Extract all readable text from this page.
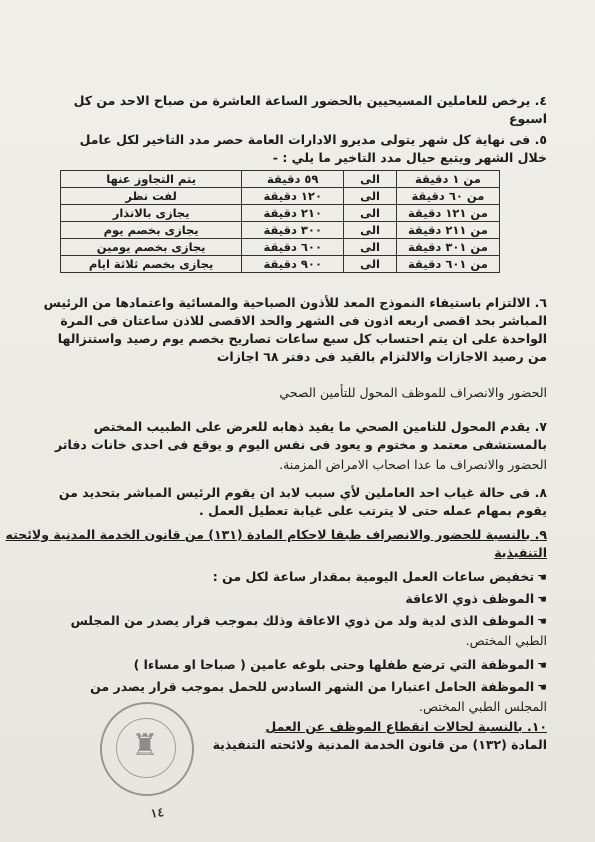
٤. يرخص للعاملين المسيحيين بالحضور الساعة العاشرة من صباح الاحد من كل
اسبوع
٥. فى نهاية كل شهر يتولى مديرو الادارات العامة حصر مدد التاخير لكل عامل
خلال الشهر ويتبع حيال مدد التاخير ما يلي : -
من ١ دقيقة	الى	٥٩ دقيقة	يتم التجاوز عنها
من ٦٠ دقيقة	الى	١٢٠ دقيقة	لفت نظر
من ١٢١ دقيقة	الى	٢١٠ دقيقة	يجازى بالانذار
من ٢١١ دقيقة	الى	٣٠٠ دقيقة	يجازى بخصم يوم
من ٣٠١ دقيقة	الى	٦٠٠ دقيقة	يجازى بخصم يومين
من ٦٠١ دقيقة	الى	٩٠٠ دقيقة	يجازى بخصم ثلاثة ايام
٦. الالتزام باستيفاء النموذج المعد للأذون الصباحية والمسائية واعتمادها من الرئيس
المباشر بحد اقصى اربعه اذون فى الشهر والحد الاقصى للاذن ساعتان فى المرة
الواحدة على ان يتم احتساب كل سبع ساعات تصاريح بخصم يوم رصيد واستنزالها
من رصيد الاجازات والالتزام بالقيد فى دفتر ٦٨ اجازات
الحضور والانصراف للموظف المحول للتأمين الصحي
٧. يقدم المحول للتامين الصحي ما يفيد ذهابه للعرض على الطبيب المختص
بالمستشفى معتمد و مختوم و يعود فى نفس اليوم و يوقع فى احدى خانات دفاتر
الحضور والانصراف ما عدا اصحاب الامراض المزمنة.
٨. فى حالة غياب احد العاملين لأي سبب لابد ان يقوم الرئيس المباشر بتحديد من
يقوم بمهام عمله حتى لا يترتب على غيابة تعطيل العمل .
٩. بالنسبة للحضور والانصراف طبقا لاحكام المادة (١٣١) من قانون الخدمة المدنية ولائحته
التنفيذية
☚تخفيض ساعات العمل اليومية بمقدار ساعة لكل من :
☚الموظف ذوي الاعاقة
☚الموظف الذى لدية ولد من ذوي الاعاقة وذلك بموجب قرار يصدر من المجلس
الطبي المختص.
☚الموظفة التي ترضع طفلها وحتى بلوغه عامين ( صباحا او مساءا )
☚الموظفة الحامل اعتبارا من الشهر السادس للحمل بموجب قرار يصدر من
المجلس الطبي المختص.
١٠. بالنسبة لحالات انقطاع الموظف عن العمل
المادة (١٣٢) من قانون الخدمة المدنية ولائحته التنفيذية
♜
١٤
